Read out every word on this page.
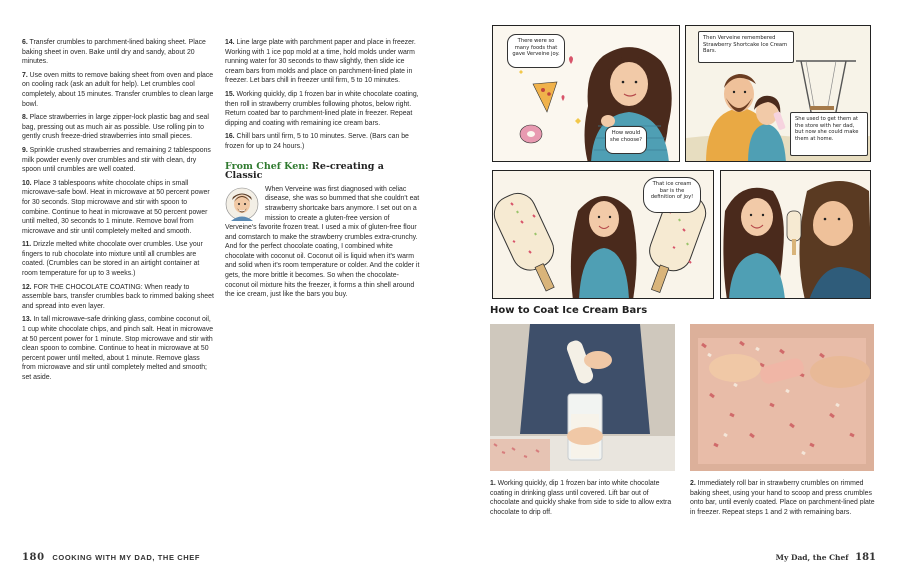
6. Transfer crumbles to parchment-lined baking sheet. Place baking sheet in oven. Bake until dry and sandy, about 20 minutes.

7. Use oven mitts to remove baking sheet from oven and place on cooling rack (ask an adult for help). Let crumbles cool completely, about 15 minutes. Transfer crumbles to clean large bowl.

8. Place strawberries in large zipper-lock plastic bag and seal bag, pressing out as much air as possible. Use rolling pin to gently crush freeze-dried strawberries into small pieces.

9. Sprinkle crushed strawberries and remaining 2 tablespoons milk powder evenly over crumbles and stir with clean, dry spoon until crumbles are well coated.

10. Place 3 tablespoons white chocolate chips in small microwave-safe bowl. Heat in microwave at 50 percent power for 30 seconds. Stop microwave and stir with spoon to combine. Continue to heat in microwave at 50 percent power until melted, 30 seconds to 1 minute. Remove bowl from microwave and stir until completely melted and smooth.

11. Drizzle melted white chocolate over crumbles. Use your fingers to rub chocolate into mixture until all crumbles are coated. (Crumbles can be stored in an airtight container at room temperature for up to 3 weeks.)

12. FOR THE CHOCOLATE COATING: When ready to assemble bars, transfer crumbles back to rimmed baking sheet and spread into even layer.

13. In tall microwave-safe drinking glass, combine coconut oil, 1 cup white chocolate chips, and pinch salt. Heat in microwave at 50 percent power for 1 minute. Stop microwave and stir with clean spoon to combine. Continue to heat in microwave at 50 percent power until melted, about 1 minute. Remove glass from microwave and stir until completely melted and smooth; set aside.

14. Line large plate with parchment paper and place in freezer. Working with 1 ice pop mold at a time, hold molds under warm running water for 30 seconds to thaw slightly, then slide ice cream bars from molds and place on parchment-lined plate in freezer. Let bars chill in freezer until firm, 5 to 10 minutes.

15. Working quickly, dip 1 frozen bar in white chocolate coating, then roll in strawberry crumbles following photos, below right. Return coated bar to parchment-lined plate in freezer. Repeat dipping and coating with remaining ice cream bars.

16. Chill bars until firm, 5 to 10 minutes. Serve. (Bars can be frozen for up to 24 hours.)

From Chef Ken: Re-creating a Classic
When Verveine was first diagnosed with celiac disease, she was so bummed that she couldn't eat strawberry shortcake bars anymore. I set out on a mission to create a gluten-free version of Verveine's favorite frozen treat. I used a mix of gluten-free flour and cornstarch to make the strawberry crumbles extra-crunchy. And for the perfect chocolate coating, I combined white chocolate with coconut oil. Coconut oil is liquid when it's warm and solid when it's room temperature or colder. And the colder it gets, the more brittle it becomes. So when the chocolate-coconut oil mixture hits the freezer, it forms a thin shell around the ice cream, just like the bars you buy.
180 COOKING WITH MY DAD, THE CHEF
There were so many foods that gave Verveine joy.
How would she choose?
Then Verveine remembered Strawberry Shortcake Ice Cream Bars.
She used to get them at the store with her dad, but now she could make them at home.
That ice cream bar is the definition of joy!
How to Coat Ice Cream Bars
1. Working quickly, dip 1 frozen bar into white chocolate coating in drinking glass until covered. Lift bar out of chocolate and quickly shake from side to side to allow extra chocolate to drip off.
2. Immediately roll bar in strawberry crumbles on rimmed baking sheet, using your hand to scoop and press crumbles onto bar, until evenly coated. Place on parchment-lined plate in freezer. Repeat steps 1 and 2 with remaining bars.
My Dad, the Chef 181
